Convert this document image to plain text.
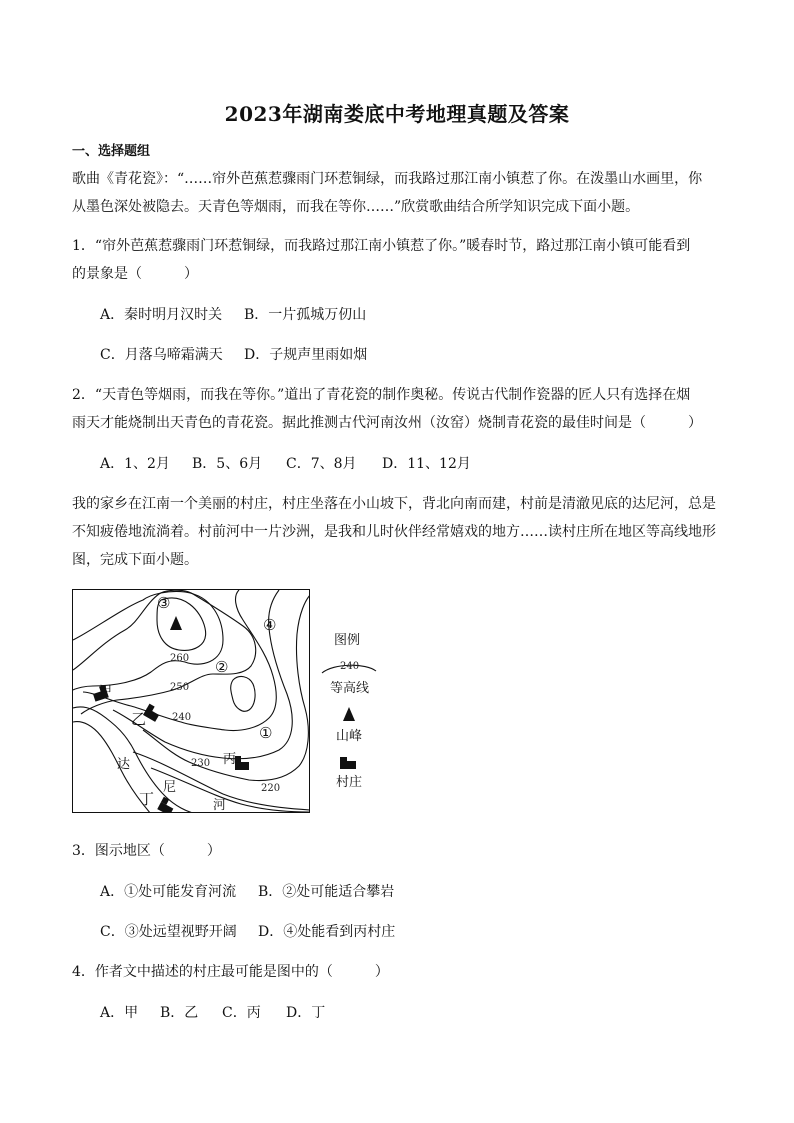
2023年湖南娄底中考地理真题及答案
一、选择题组
歌曲《青花瓷》：“……帘外芭蕉惹骤雨门环惹铜绿，而我路过那江南小镇惹了你。在泼墨山水画里，你
从墨色深处被隐去。天青色等烟雨，而我在等你……”欣赏歌曲结合所学知识完成下面小题。
1．“帘外芭蕉惹骤雨门环惹铜绿，而我路过那江南小镇惹了你。”暖春时节，路过那江南小镇可能看到
的景象是（　　　）
A．秦时明月汉时关 B．一片孤城万仞山
C．月落乌啼霜满天 D．子规声里雨如烟
2．“天青色等烟雨，而我在等你。”道出了青花瓷的制作奥秘。传说古代制作瓷器的匠人只有选择在烟
雨天才能烧制出天青色的青花瓷。据此推测古代河南汝州（汝窑）烧制青花瓷的最佳时间是（　　　）
A．1、2月 B．5、6月 C．7、8月 D．11、12月
我的家乡在江南一个美丽的村庄，村庄坐落在小山坡下，背北向南而建，村前是清澈见底的达尼河，总是
不知疲倦地流淌着。村前河中一片沙洲，是我和儿时伙伴经常嬉戏的地方……读村庄所在地区等高线地形
图，完成下面小题。
③
④
②
①
甲
乙
丙
丁
达
尼
河
260
250
240
230
220
图例
240
等高线
山峰
村庄
3．图示地区（　　　）
A．①处可能发育河流 B．②处可能适合攀岩
C．③处远望视野开阔 D．④处能看到丙村庄
4．作者文中描述的村庄最可能是图中的（　　　）
A．甲 B．乙 C．丙 D．丁
